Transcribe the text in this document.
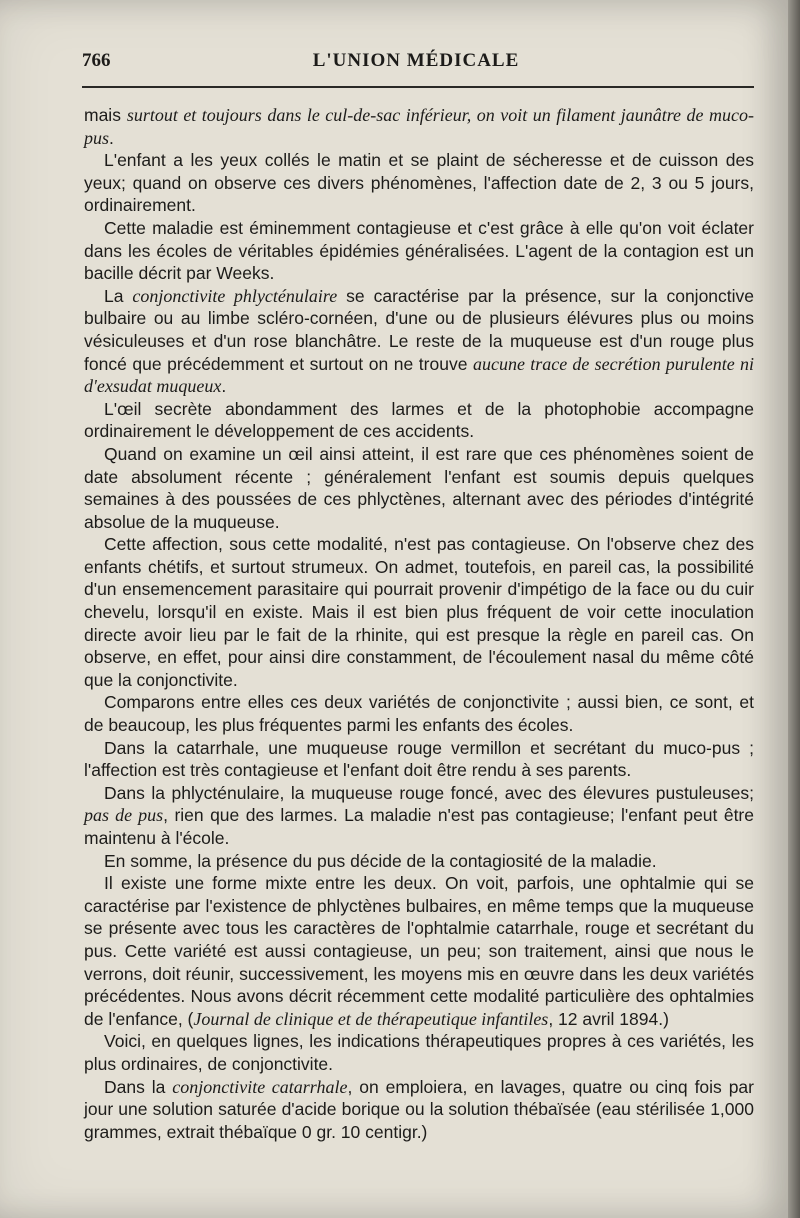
766	L'UNION MÉDICALE

mais surtout et toujours dans le cul-de-sac inférieur, on voit un filament jaunâtre de muco-pus.

L'enfant a les yeux collés le matin et se plaint de sécheresse et de cuisson des yeux; quand on observe ces divers phénomènes, l'affection date de 2, 3 ou 5 jours, ordinairement.

Cette maladie est éminemment contagieuse et c'est grâce à elle qu'on voit éclater dans les écoles de véritables épidémies généralisées. L'agent de la contagion est un bacille décrit par Weeks.

La conjonctivite phlycténulaire se caractérise par la présence, sur la conjonctive bulbaire ou au limbe scléro-cornéen, d'une ou de plusieurs élévures plus ou moins vésiculeuses et d'un rose blanchâtre. Le reste de la muqueuse est d'un rouge plus foncé que précédemment et surtout on ne trouve aucune trace de secrétion purulente ni d'exsudat muqueux.

L'œil secrète abondamment des larmes et de la photophobie accompagne ordinairement le développement de ces accidents.

Quand on examine un œil ainsi atteint, il est rare que ces phénomènes soient de date absolument récente ; généralement l'enfant est soumis depuis quelques semaines à des poussées de ces phlyctènes, alternant avec des périodes d'intégrité absolue de la muqueuse.

Cette affection, sous cette modalité, n'est pas contagieuse. On l'observe chez des enfants chétifs, et surtout strumeux. On admet, toutefois, en pareil cas, la possibilité d'un ensemencement parasitaire qui pourrait provenir d'impétigo de la face ou du cuir chevelu, lorsqu'il en existe. Mais il est bien plus fréquent de voir cette inoculation directe avoir lieu par le fait de la rhinite, qui est presque la règle en pareil cas. On observe, en effet, pour ainsi dire constamment, de l'écoulement nasal du même côté que la conjonctivite.

Comparons entre elles ces deux variétés de conjonctivite ; aussi bien, ce sont, et de beaucoup, les plus fréquentes parmi les enfants des écoles.

Dans la catarrhale, une muqueuse rouge vermillon et secrétant du muco-pus ; l'affection est très contagieuse et l'enfant doit être rendu à ses parents.

Dans la phlycténulaire, la muqueuse rouge foncé, avec des élevures pustuleuses; pas de pus, rien que des larmes. La maladie n'est pas contagieuse; l'enfant peut être maintenu à l'école.

En somme, la présence du pus décide de la contagiosité de la maladie.

Il existe une forme mixte entre les deux. On voit, parfois, une ophtalmie qui se caractérise par l'existence de phlyctènes bulbaires, en même temps que la muqueuse se présente avec tous les caractères de l'ophtalmie catarrhale, rouge et secrétant du pus. Cette variété est aussi contagieuse, un peu; son traitement, ainsi que nous le verrons, doit réunir, successivement, les moyens mis en œuvre dans les deux variétés précédentes. Nous avons décrit récemment cette modalité particulière des ophtalmies de l'enfance, (Journal de clinique et de thérapeutique infantiles, 12 avril 1894.)

Voici, en quelques lignes, les indications thérapeutiques propres à ces variétés, les plus ordinaires, de conjonctivite.

Dans la conjonctivite catarrhale, on emploiera, en lavages, quatre ou cinq fois par jour une solution saturée d'acide borique ou la solution thébaïsée (eau stérilisée 1,000 grammes, extrait thébaïque 0 gr. 10 centigr.)
